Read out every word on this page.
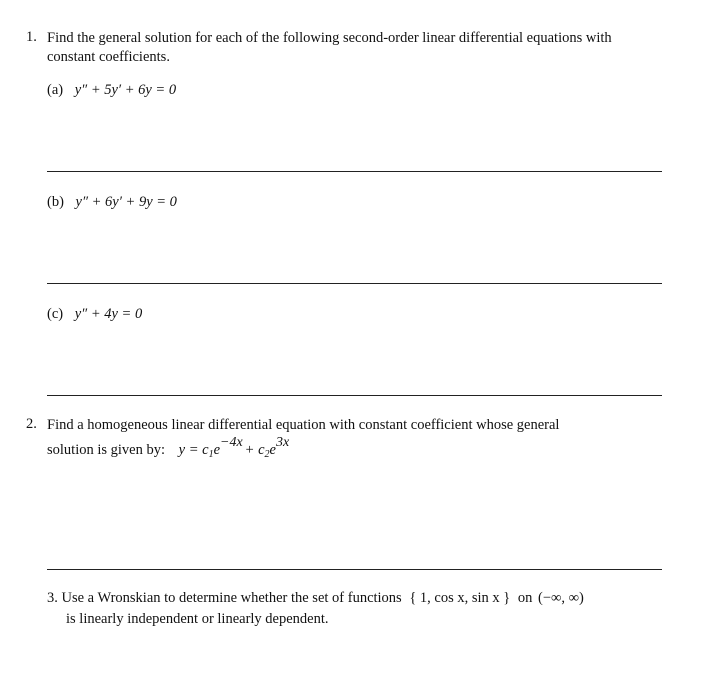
1. Find the general solution for each of the following second-order linear differential equations with
constant coefficients.
(a) y″ + 5y′ + 6y = 0
(b) y″ + 6y′ + 9y = 0
(c) y″ + 4y = 0
2. Find a homogeneous linear differential equation with constant coefficient whose general
solution is given by: $y = c_1e-4x + c_2e3x$
3. Use a Wronskian to determine whether the set of functions { 1, cos x, sin x } on (−∞, ∞)
is linearly independent or linearly dependent.
